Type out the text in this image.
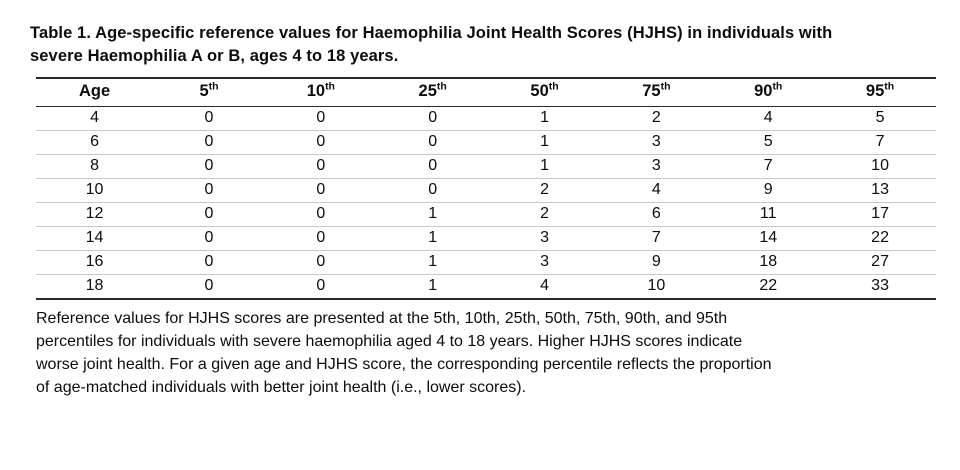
Table 1. Age-specific reference values for Haemophilia Joint Health Scores (HJHS) in individuals with
severe Haemophilia A or B, ages 4 to 18 years.
Age	5th	10th	25th	50th	75th	90th	95th
4	0	0	0	1	2	4	5
6	0	0	0	1	3	5	7
8	0	0	0	1	3	7	10
10	0	0	0	2	4	9	13
12	0	0	1	2	6	11	17
14	0	0	1	3	7	14	22
16	0	0	1	3	9	18	27
18	0	0	1	4	10	22	33
Reference values for HJHS scores are presented at the 5th, 10th, 25th, 50th, 75th, 90th, and 95th
percentiles for individuals with severe haemophilia aged 4 to 18 years. Higher HJHS scores indicate
worse joint health. For a given age and HJHS score, the corresponding percentile reflects the proportion
of age-matched individuals with better joint health (i.e., lower scores).
